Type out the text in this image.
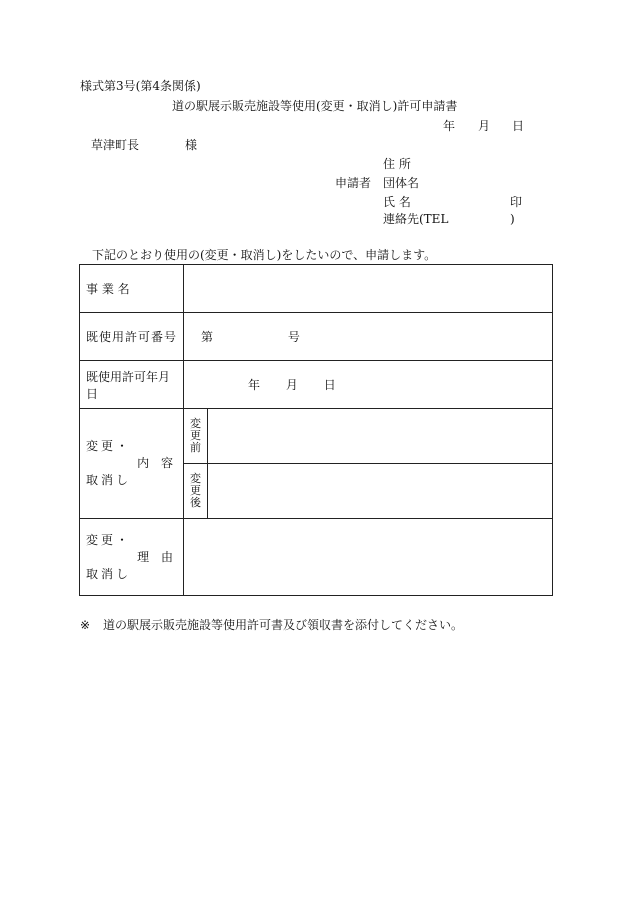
様式第3号(第4条関係)
道の駅展示販売施設等使用(変更・取消し)許可申請書
年 月 日
草津町長	様
住 所
申請者 団体名
氏 名	印
連絡先(TEL	)
下記のとおり使用の(変更・取消し)をしたいので、申請します。
事 業 名		

既使用許可番号	第 号	
既使用許可年月日	年 月 日	

変更・
内 容
取消し	変更前	

	変更後	

変更・
理 由
取消し		

※ 道の駅展示販売施設等使用許可書及び領収書を添付してください。
